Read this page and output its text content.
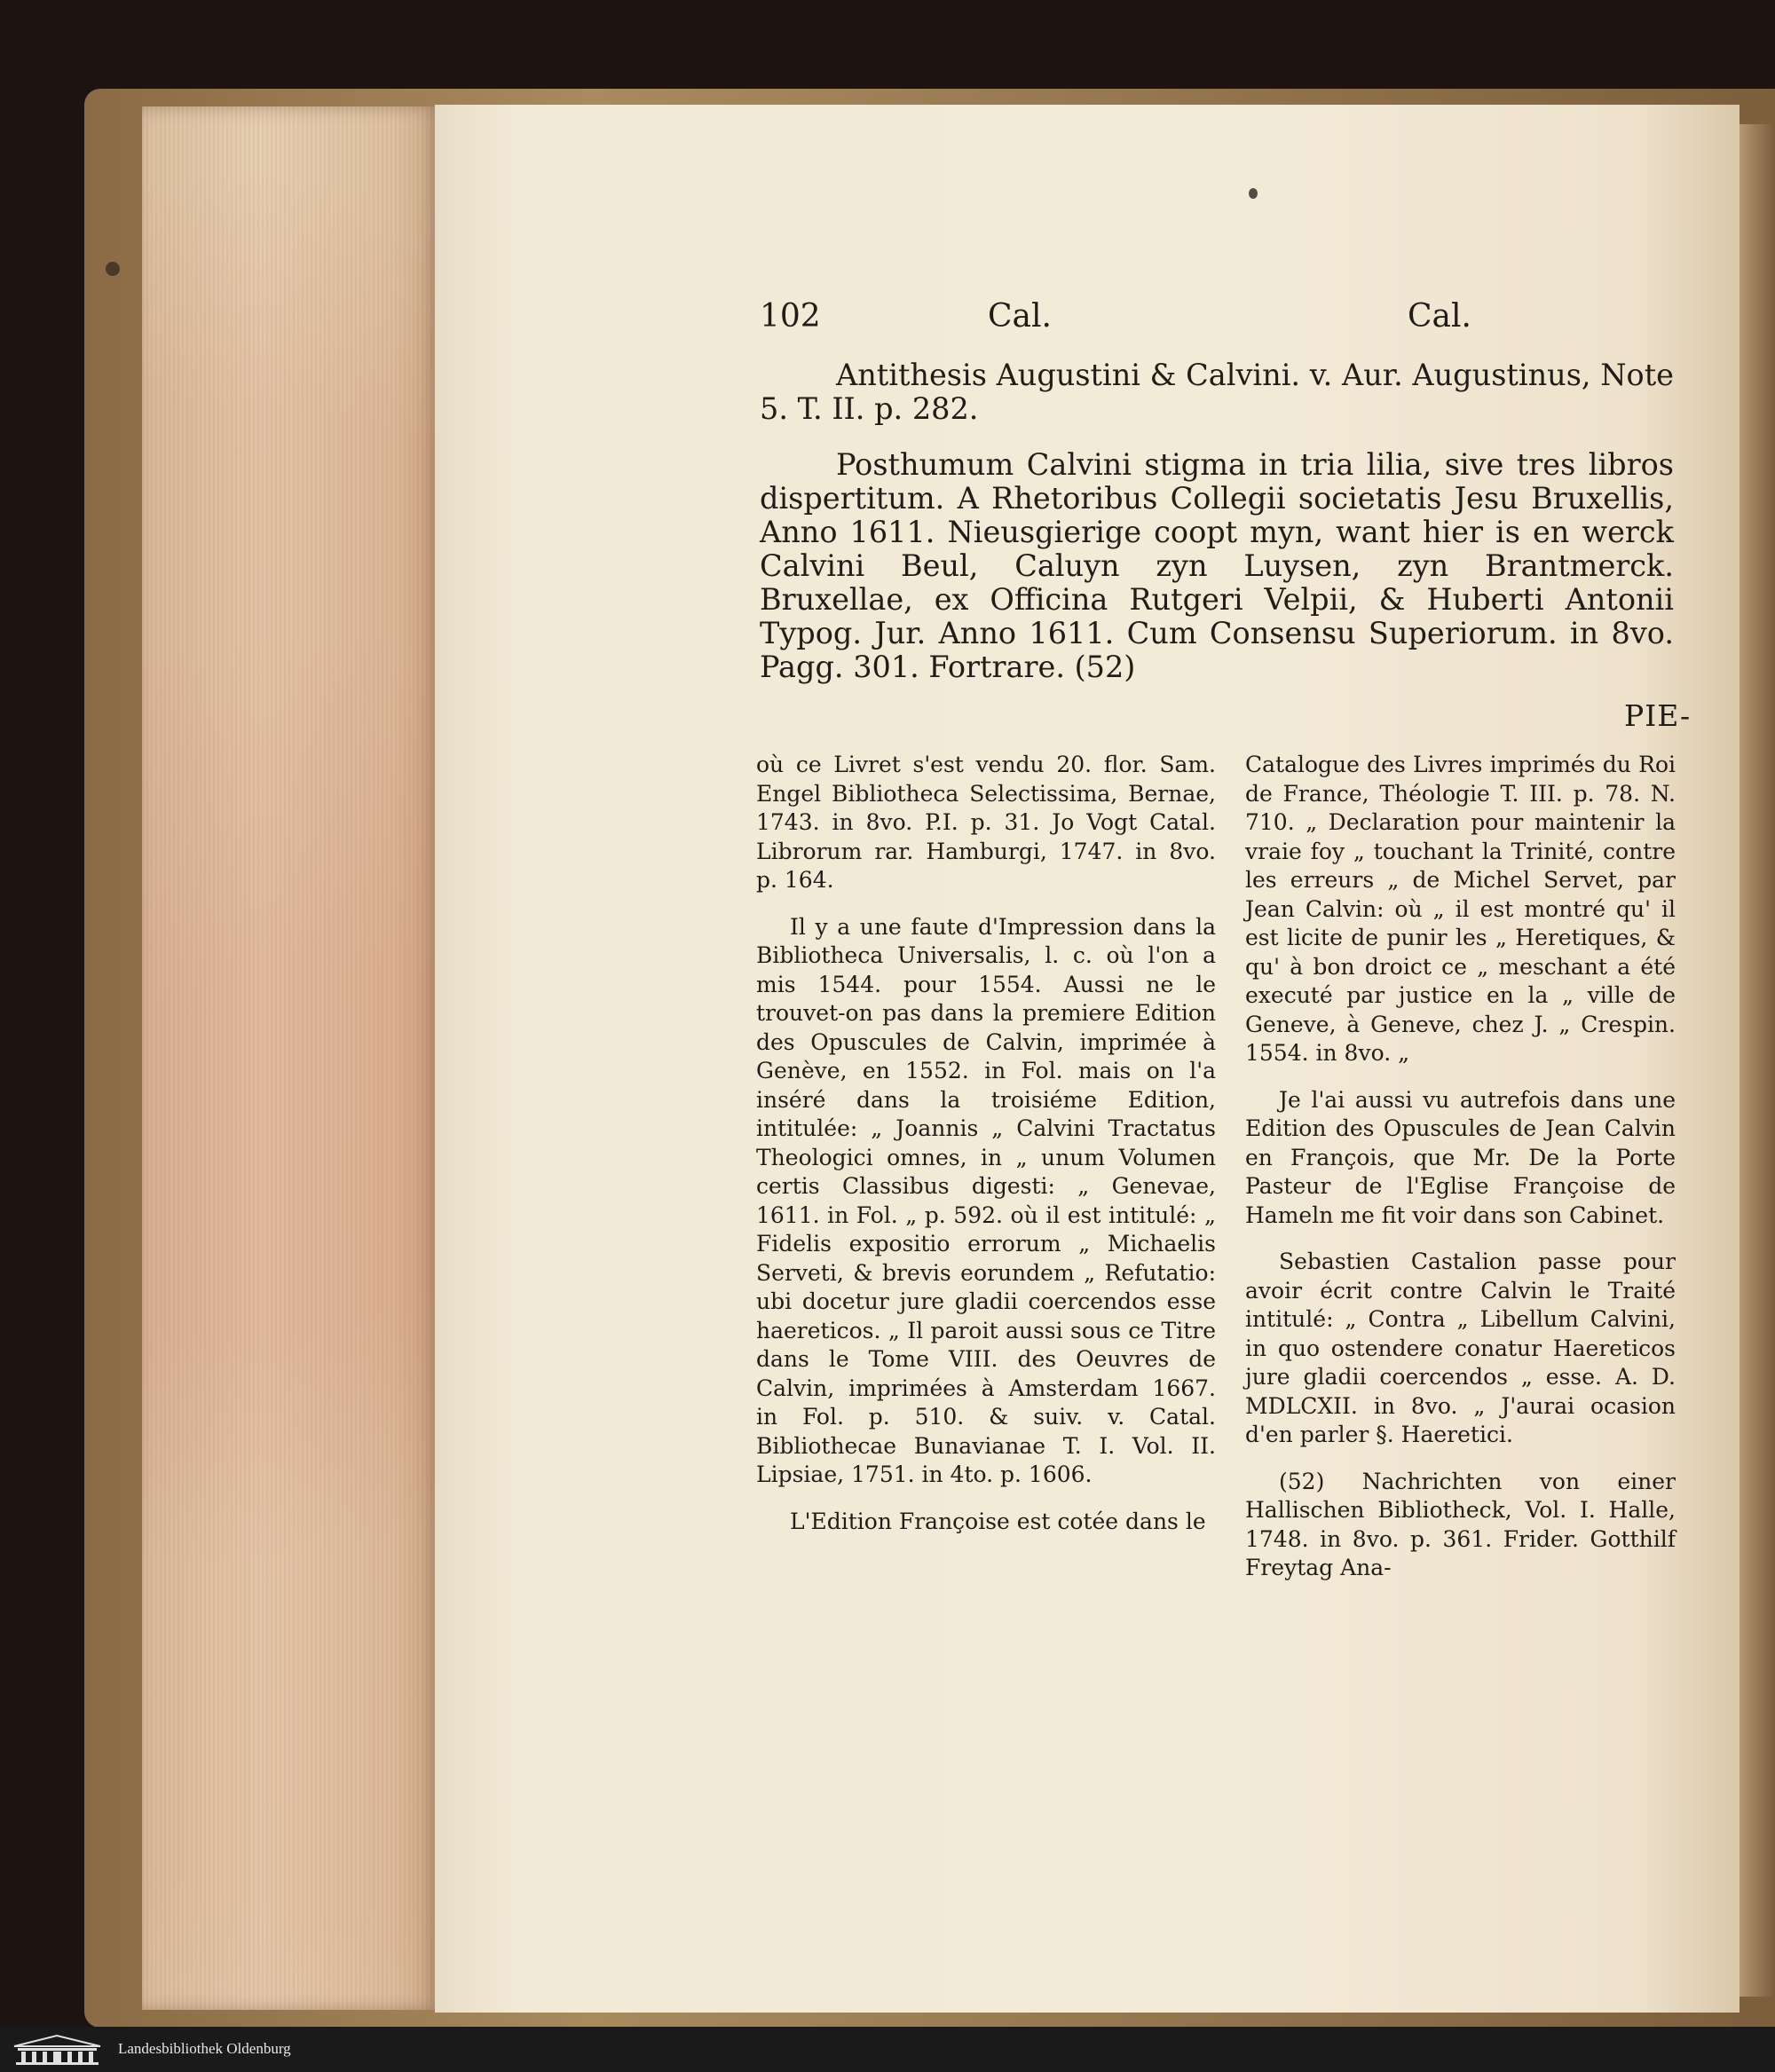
102	Cal.	Cal.

Antithesis Augustini & Calvini. v. Aur. Augustinus, Note 5. T. II. p. 282.

Posthumum Calvini stigma in tria lilia, sive tres libros dispertitum. A Rhetoribus Collegii societatis Jesu Bruxellis, Anno 1611. Nieusgierige coopt myn, want hier is en werck Calvini Beul, Caluyn zyn Luysen, zyn Brantmerck. Bruxellae, ex Officina Rutgeri Velpii, & Huberti Antonii Typog. Jur. Anno 1611. Cum Consensu Superiorum. in 8vo. Pagg. 301. Fortrare. (52)

PIE-

où ce Livret s'est vendu 20. flor. Sam. Engel Bibliotheca Selectissima, Bernae, 1743. in 8vo. P.I. p. 31. Jo Vogt Catal. Librorum rar. Hamburgi, 1747. in 8vo. p. 164.

Il y a une faute d'Impression dans la Bibliotheca Universalis, l. c. où l'on a mis 1544. pour 1554. Aussi ne le trouvet-on pas dans la premiere Edition des Opuscules de Calvin, imprimée à Genève, en 1552. in Fol. mais on l'a inséré dans la troisiéme Edition, intitulée: „ Joannis „ Calvini Tractatus Theologici omnes, in „ unum Volumen certis Classibus digesti: „ Genevae, 1611. in Fol. „ p. 592. où il est intitulé: „ Fidelis expositio errorum „ Michaelis Serveti, & brevis eorundem „ Refutatio: ubi docetur jure gladii coercendos esse haereticos. „ Il paroit aussi sous ce Titre dans le Tome VIII. des Oeuvres de Calvin, imprimées à Amsterdam 1667. in Fol. p. 510. & suiv. v. Catal. Bibliothecae Bunavianae T. I. Vol. II. Lipsiae, 1751. in 4to. p. 1606.

L'Edition Françoise est cotée dans le

Catalogue des Livres imprimés du Roi de France, Théologie T. III. p. 78. N. 710. „ Declaration pour maintenir la vraie foy „ touchant la Trinité, contre les erreurs „ de Michel Servet, par Jean Calvin: où „ il est montré qu' il est licite de punir les „ Heretiques, & qu' à bon droict ce „ meschant a été executé par justice en la „ ville de Geneve, à Geneve, chez J. „ Crespin. 1554. in 8vo. „

Je l'ai aussi vu autrefois dans une Edition des Opuscules de Jean Calvin en François, que Mr. De la Porte Pasteur de l'Eglise Françoise de Hameln me fit voir dans son Cabinet.

Sebastien Castalion passe pour avoir écrit contre Calvin le Traité intitulé: „ Contra „ Libellum Calvini, in quo ostendere conatur Haereticos jure gladii coercendos „ esse. A. D. MDLCXII. in 8vo. „ J'aurai ocasion d'en parler §. Haeretici.

(52) Nachrichten von einer Hallischen Bibliotheck, Vol. I. Halle, 1748. in 8vo. p. 361. Frider. Gotthilf Freytag Ana-

Landesbibliothek Oldenburg
